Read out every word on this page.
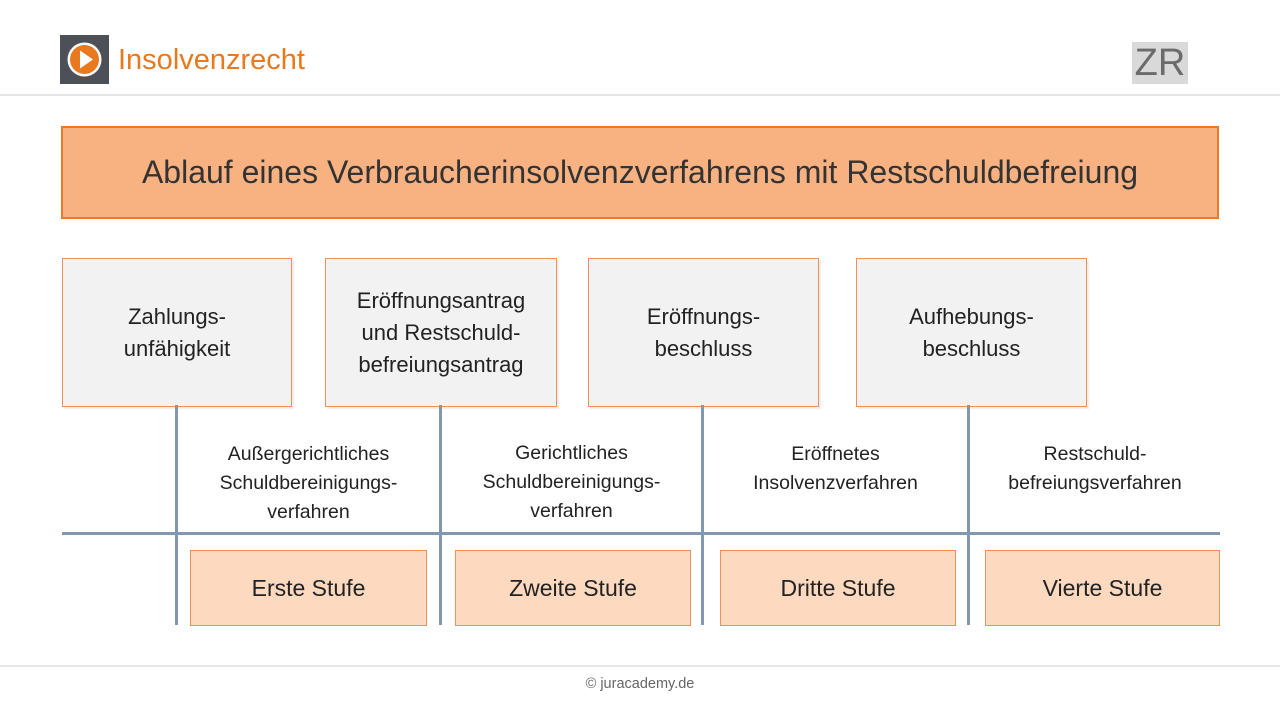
Insolvenzrecht	ZR
Ablauf eines Verbraucherinsolvenzverfahrens mit Restschuldbefreiung
Zahlungs-
unfähigkeit
Eröffnungsantrag
und Restschuld-
befreiungsantrag
Eröffnungs-
beschluss
Aufhebungs-
beschluss
Außergerichtliches
Schuldbereinigungs-
verfahren
Gerichtliches
Schuldbereinigungs-
verfahren
Eröffnetes
Insolvenzverfahren
Restschuld-
befreiungsverfahren
Erste Stufe	Zweite Stufe	Dritte Stufe	Vierte Stufe
© juracademy.de
